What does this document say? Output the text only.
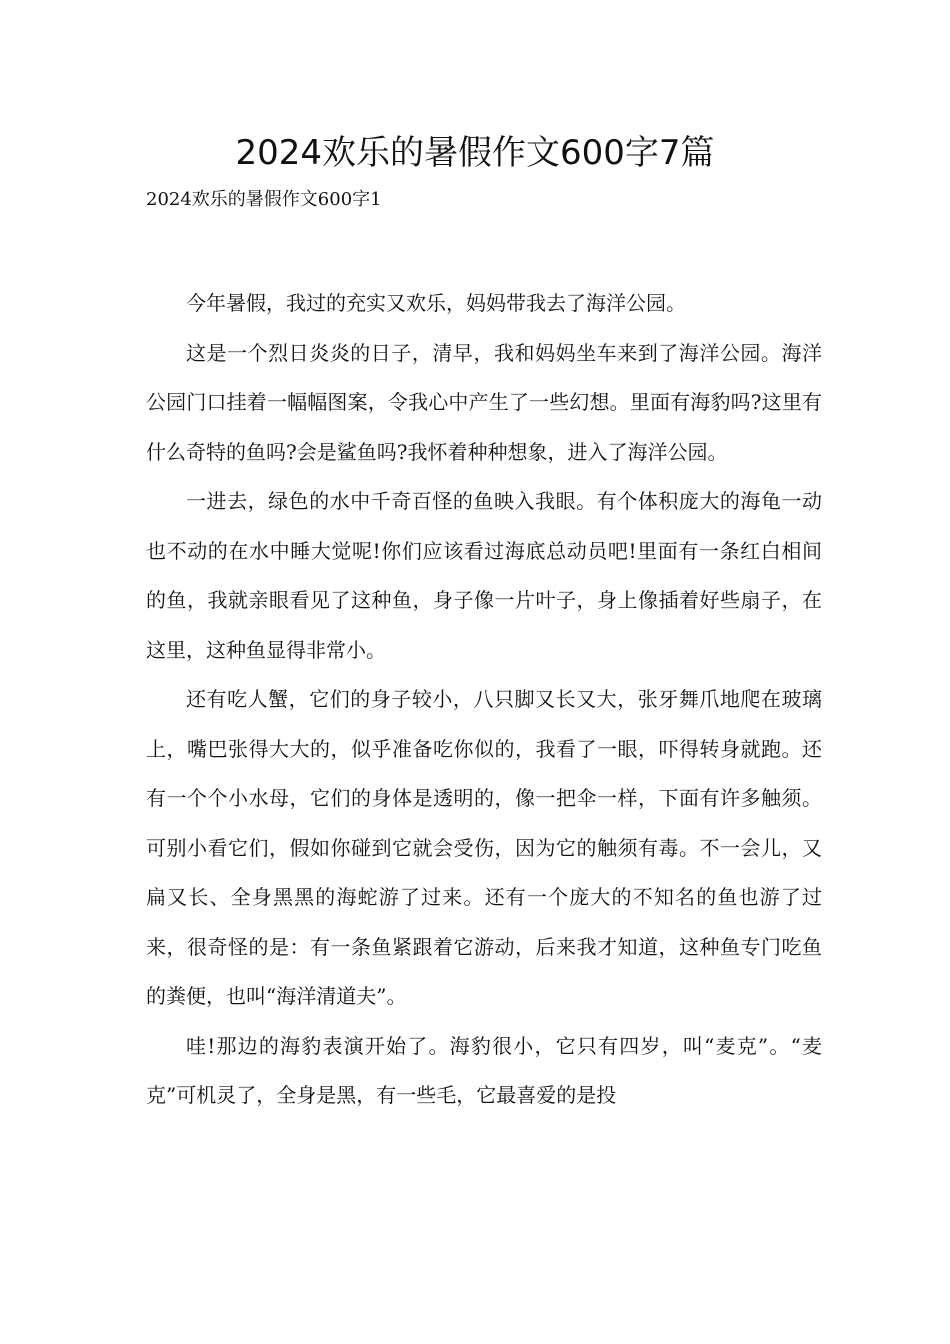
2024欢乐的暑假作文600字7篇

2024欢乐的暑假作文600字1

今年暑假，我过的充实又欢乐，妈妈带我去了海洋公园。

这是一个烈日炎炎的日子，清早，我和妈妈坐车来到了海洋公园。海洋公园门口挂着一幅幅图案，令我心中产生了一些幻想。里面有海豹吗?这里有什么奇特的鱼吗?会是鲨鱼吗?我怀着种种想象，进入了海洋公园。

一进去，绿色的水中千奇百怪的鱼映入我眼。有个体积庞大的海龟一动也不动的在水中睡大觉呢!你们应该看过海底总动员吧!里面有一条红白相间的鱼，我就亲眼看见了这种鱼，身子像一片叶子，身上像插着好些扇子，在这里，这种鱼显得非常小。

还有吃人蟹，它们的身子较小，八只脚又长又大，张牙舞爪地爬在玻璃上，嘴巴张得大大的，似乎准备吃你似的，我看了一眼，吓得转身就跑。还有一个个小水母，它们的身体是透明的，像一把伞一样，下面有许多触须。可别小看它们，假如你碰到它就会受伤，因为它的触须有毒。不一会儿，又扁又长、全身黑黑的海蛇游了过来。还有一个庞大的不知名的鱼也游了过来，很奇怪的是：有一条鱼紧跟着它游动，后来我才知道，这种鱼专门吃鱼的粪便，也叫“海洋清道夫”。

哇!那边的海豹表演开始了。海豹很小，它只有四岁，叫“麦克”。“麦克”可机灵了，全身是黑，有一些毛，它最喜爱的是投
